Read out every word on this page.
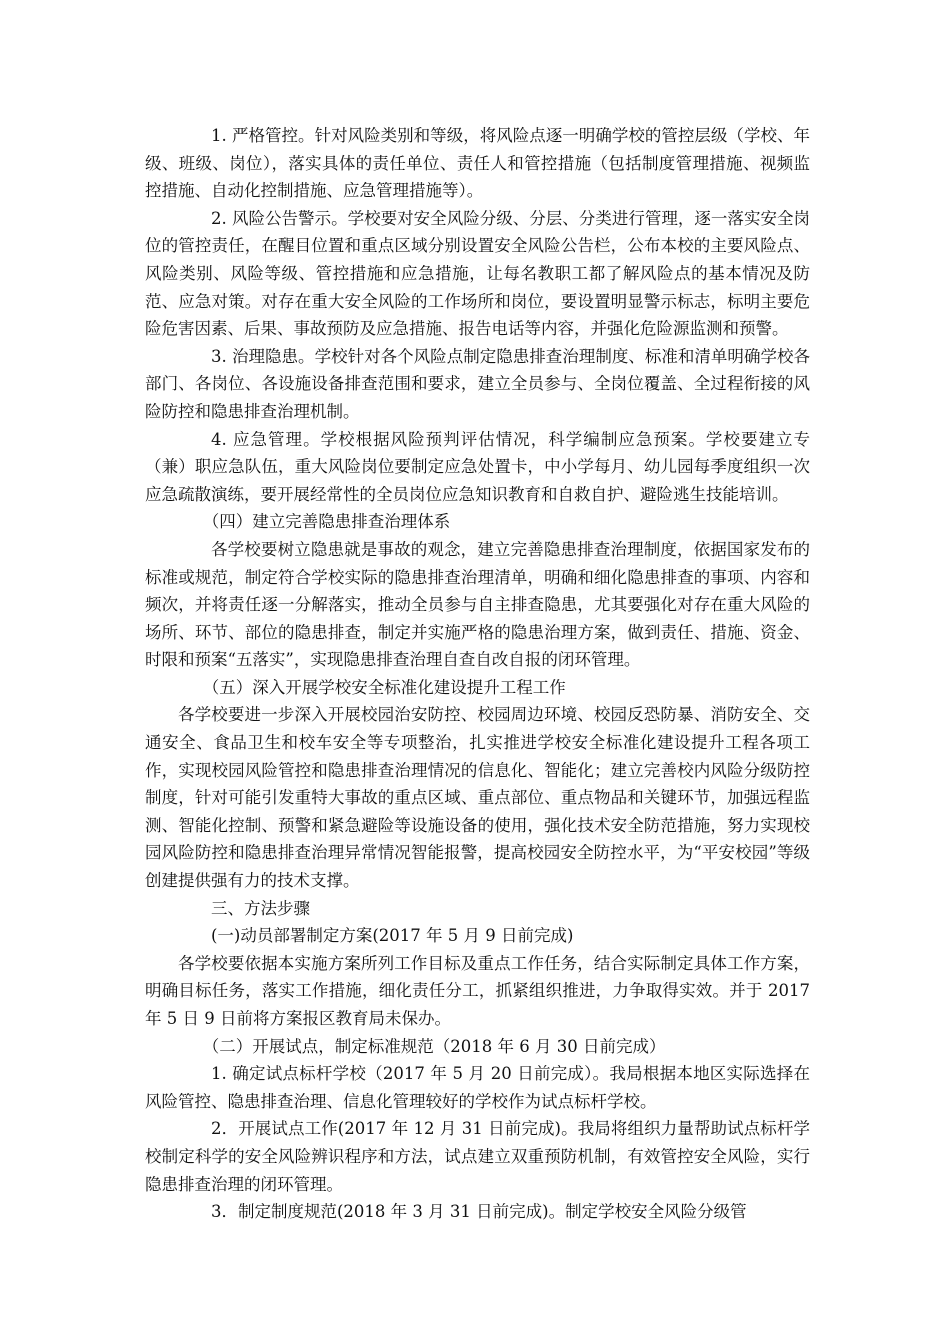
1. 严格管控。针对风险类别和等级，将风险点逐一明确学校的管控层级（学校、年级、班级、岗位），落实具体的责任单位、责任人和管控措施（包括制度管理措施、视频监控措施、自动化控制措施、应急管理措施等）。

2. 风险公告警示。学校要对安全风险分级、分层、分类进行管理，逐一落实安全岗位的管控责任，在醒目位置和重点区域分别设置安全风险公告栏，公布本校的主要风险点、风险类别、风险等级、管控措施和应急措施，让每名教职工都了解风险点的基本情况及防范、应急对策。对存在重大安全风险的工作场所和岗位，要设置明显警示标志，标明主要危险危害因素、后果、事故预防及应急措施、报告电话等内容，并强化危险源监测和预警。

3. 治理隐患。学校针对各个风险点制定隐患排查治理制度、标准和清单明确学校各部门、各岗位、各设施设备排查范围和要求，建立全员参与、全岗位覆盖、全过程衔接的风险防控和隐患排查治理机制。

4. 应急管理。学校根据风险预判评估情况，科学编制应急预案。学校要建立专（兼）职应急队伍，重大风险岗位要制定应急处置卡，中小学每月、幼儿园每季度组织一次应急疏散演练，要开展经常性的全员岗位应急知识教育和自救自护、避险逃生技能培训。

（四）建立完善隐患排查治理体系

各学校要树立隐患就是事故的观念，建立完善隐患排查治理制度，依据国家发布的标准或规范，制定符合学校实际的隐患排查治理清单，明确和细化隐患排查的事项、内容和频次，并将责任逐一分解落实，推动全员参与自主排查隐患，尤其要强化对存在重大风险的场所、环节、部位的隐患排查，制定并实施严格的隐患治理方案，做到责任、措施、资金、时限和预案“五落实”，实现隐患排查治理自查自改自报的闭环管理。

（五）深入开展学校安全标准化建设提升工程工作

各学校要进一步深入开展校园治安防控、校园周边环境、校园反恐防暴、消防安全、交通安全、食品卫生和校车安全等专项整治，扎实推进学校安全标准化建设提升工程各项工作，实现校园风险管控和隐患排查治理情况的信息化、智能化；建立完善校内风险分级防控制度，针对可能引发重特大事故的重点区域、重点部位、重点物品和关键环节，加强远程监测、智能化控制、预警和紧急避险等设施设备的使用，强化技术安全防范措施，努力实现校园风险防控和隐患排查治理异常情况智能报警，提高校园安全防控水平，为“平安校园”等级创建提供强有力的技术支撑。

三、方法步骤

(一)动员部署制定方案(2017 年 5 月 9 日前完成)

各学校要依据本实施方案所列工作目标及重点工作任务，结合实际制定具体工作方案，明确目标任务，落实工作措施，细化责任分工，抓紧组织推进，力争取得实效。并于 2017 年 5 日 9 日前将方案报区教育局未保办。

（二）开展试点，制定标准规范（2018 年 6 月 30 日前完成）

1. 确定试点标杆学校（2017 年 5 月 20 日前完成）。我局根据本地区实际选择在风险管控、隐患排查治理、信息化管理较好的学校作为试点标杆学校。

2．开展试点工作(2017 年 12 月 31 日前完成)。我局将组织力量帮助试点标杆学校制定科学的安全风险辨识程序和方法，试点建立双重预防机制，有效管控安全风险，实行隐患排查治理的闭环管理。

3．制定制度规范(2018 年 3 月 31 日前完成)。制定学校安全风险分级管
